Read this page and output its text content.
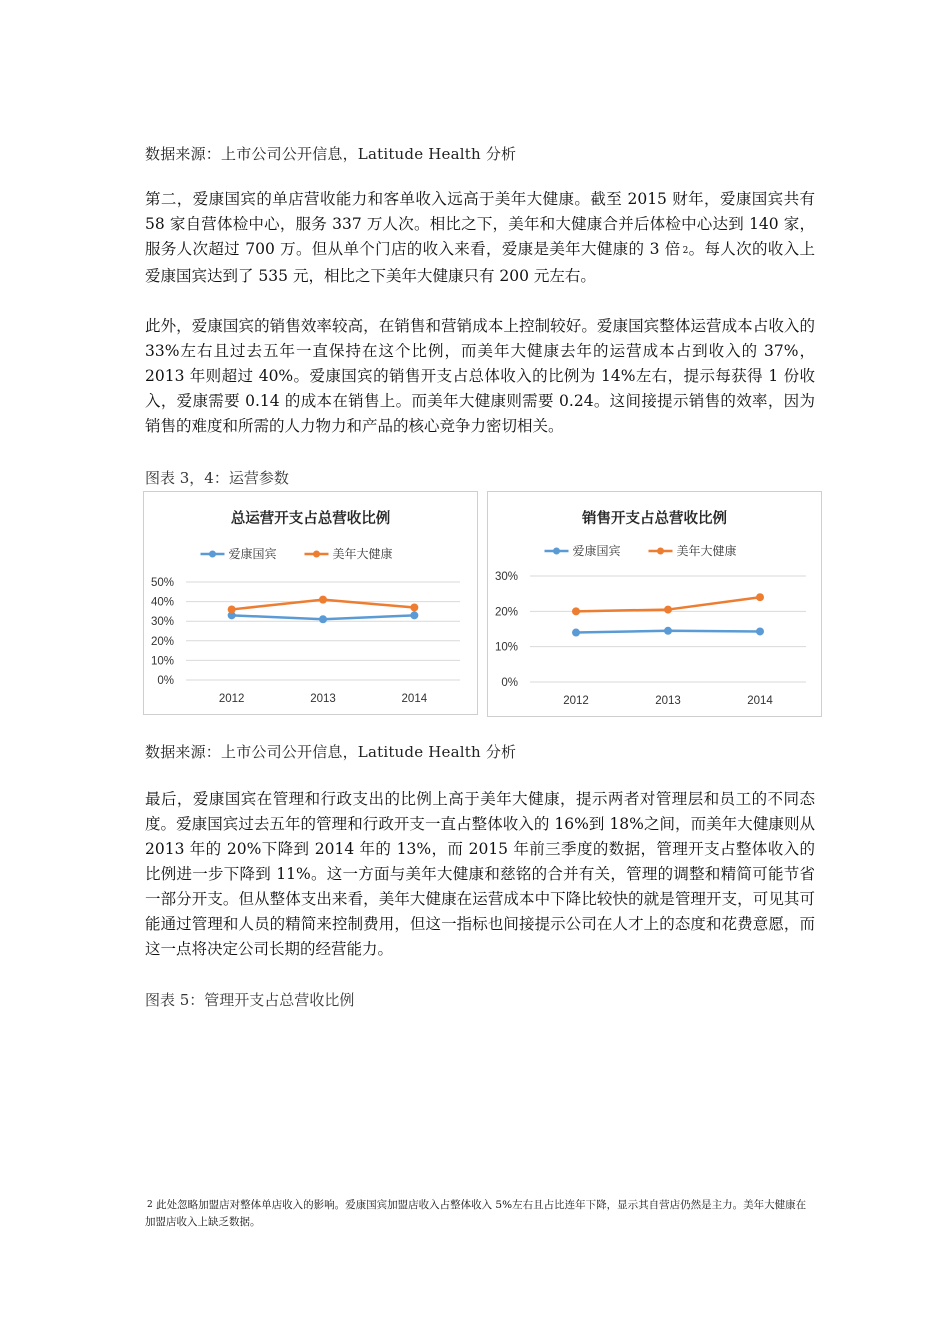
数据来源：上市公司公开信息，Latitude Health 分析
第二，爱康国宾的单店营收能力和客单收入远高于美年大健康。截至 2015 财年，爱康国宾共有 58 家自营体检中心，服务 337 万人次。相比之下，美年和大健康合并后体检中心达到 140 家，服务人次超过 700 万。但从单个门店的收入来看，爱康是美年大健康的 3 倍 $^2$。每人次的收入上爱康国宾达到了 535 元，相比之下美年大健康只有 200 元左右。
此外，爱康国宾的销售效率较高，在销售和营销成本上控制较好。爱康国宾整体运营成本占收入的 33%左右且过去五年一直保持在这个比例，而美年大健康去年的运营成本占到收入的 37%，2013 年则超过 40%。爱康国宾的销售开支占总体收入的比例为 14%左右，提示每获得 1 份收入，爱康需要 0.14 的成本在销售上。而美年大健康则需要 0.24。这间接提示销售的效率，因为销售的难度和所需的人力物力和产品的核心竞争力密切相关。
图表 3，4：运营参数
总运营开支占总营收比例
爱康国宾	美年大健康
0%
10%
20%
30%
40%
50%
2012	2013	2014
销售开支占总营收比例
爱康国宾	美年大健康
0%
10%
20%
30%
2012	2013	2014
数据来源：上市公司公开信息，Latitude Health 分析
最后，爱康国宾在管理和行政支出的比例上高于美年大健康，提示两者对管理层和员工的不同态度。爱康国宾过去五年的管理和行政开支一直占整体收入的 16%到 18%之间，而美年大健康则从 2013 年的 20%下降到 2014 年的 13%，而 2015 年前三季度的数据，管理开支占整体收入的比例进一步下降到 11%。这一方面与美年大健康和慈铭的合并有关，管理的调整和精简可能节省一部分开支。但从整体支出来看，美年大健康在运营成本中下降比较快的就是管理开支，可见其可能通过管理和人员的精简来控制费用，但这一指标也间接提示公司在人才上的态度和花费意愿，而这一点将决定公司长期的经营能力。
图表 5：管理开支占总营收比例
$^2$ 此处忽略加盟店对整体单店收入的影响。爱康国宾加盟店收入占整体收入 5%左右且占比连年下降，显示其自营店仍然是主力。美年大健康在加盟店收入上缺乏数据。
